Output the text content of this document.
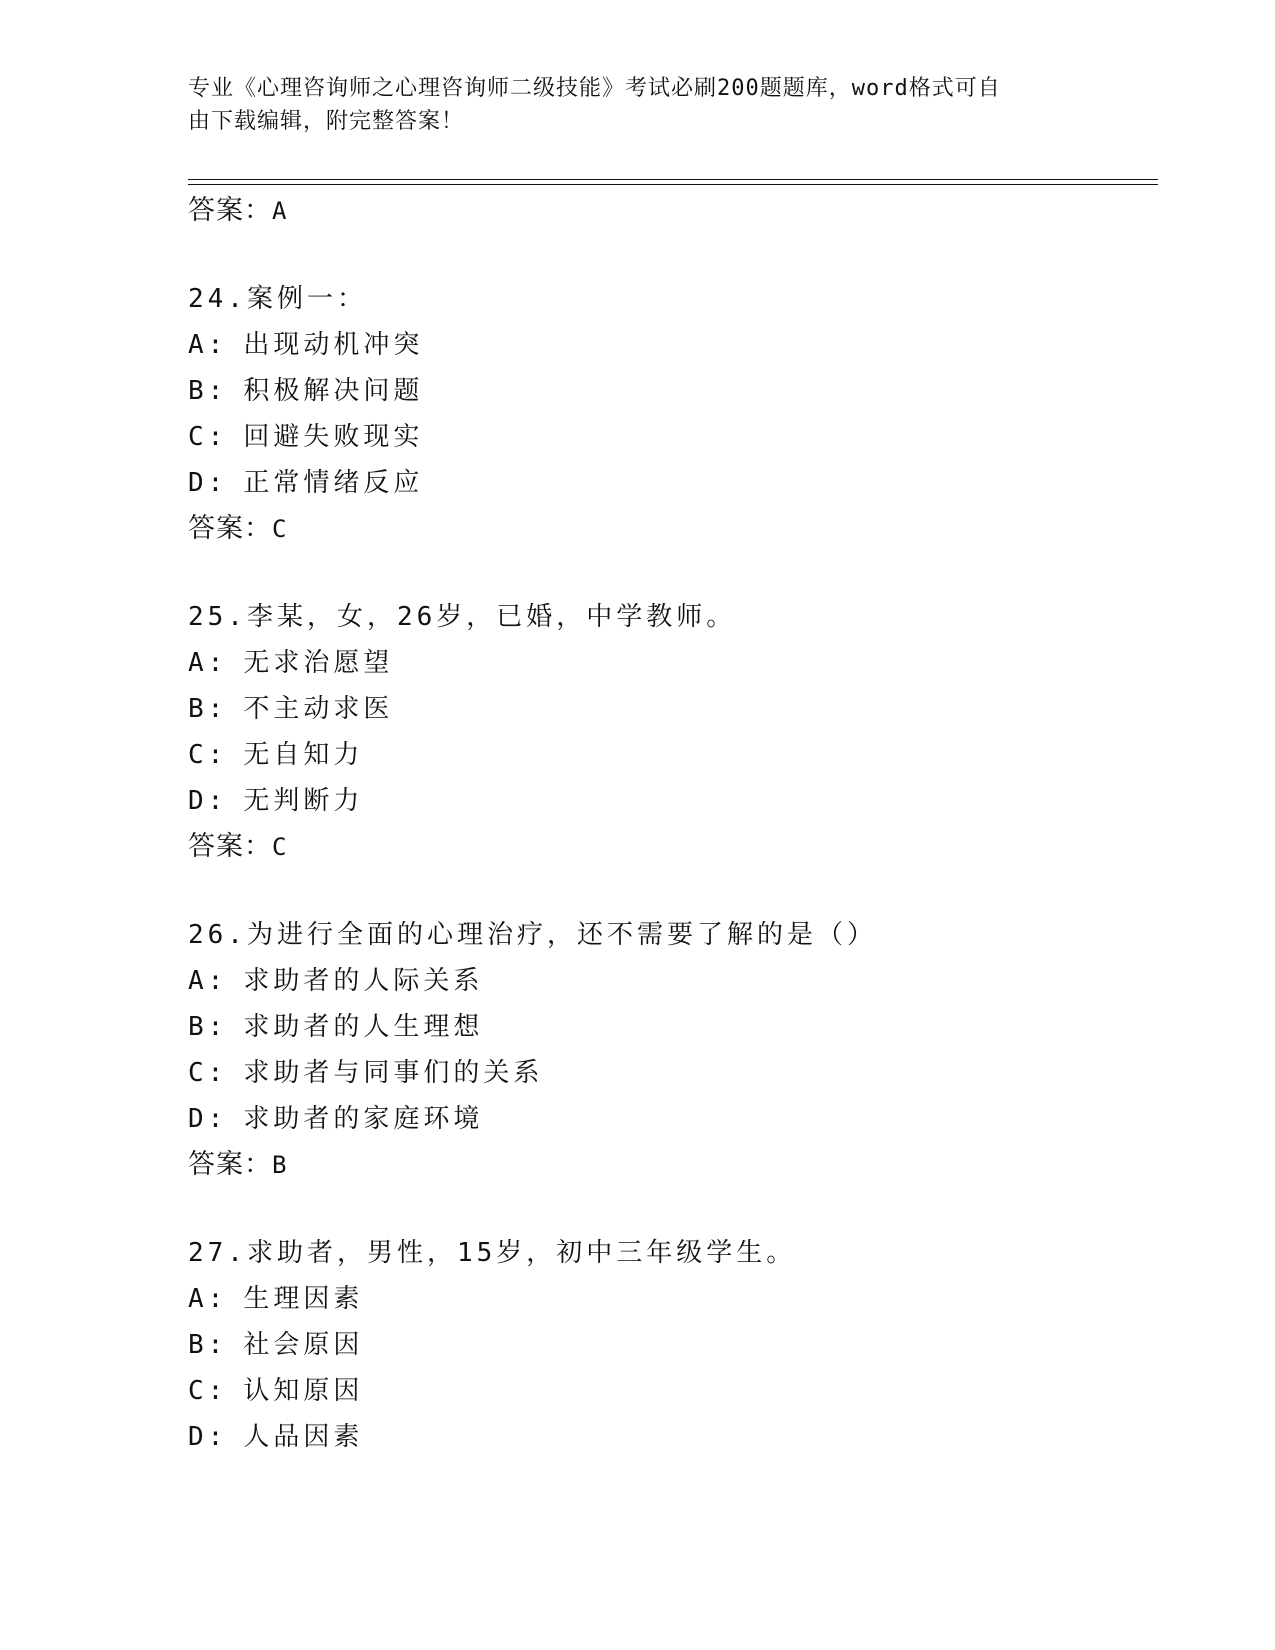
专业《心理咨询师之心理咨询师二级技能》考试必刷200题题库，word格式可自
由下载编辑，附完整答案！
答案：A
24.案例一：
A: 出现动机冲突
B: 积极解决问题
C: 回避失败现实
D: 正常情绪反应
答案：C
25.李某，女，26岁，已婚，中学教师。
A: 无求治愿望
B: 不主动求医
C: 无自知力
D: 无判断力
答案：C
26.为进行全面的心理治疗，还不需要了解的是（）
A: 求助者的人际关系
B: 求助者的人生理想
C: 求助者与同事们的关系
D: 求助者的家庭环境
答案：B
27.求助者，男性，15岁，初中三年级学生。
A: 生理因素
B: 社会原因
C: 认知原因
D: 人品因素
